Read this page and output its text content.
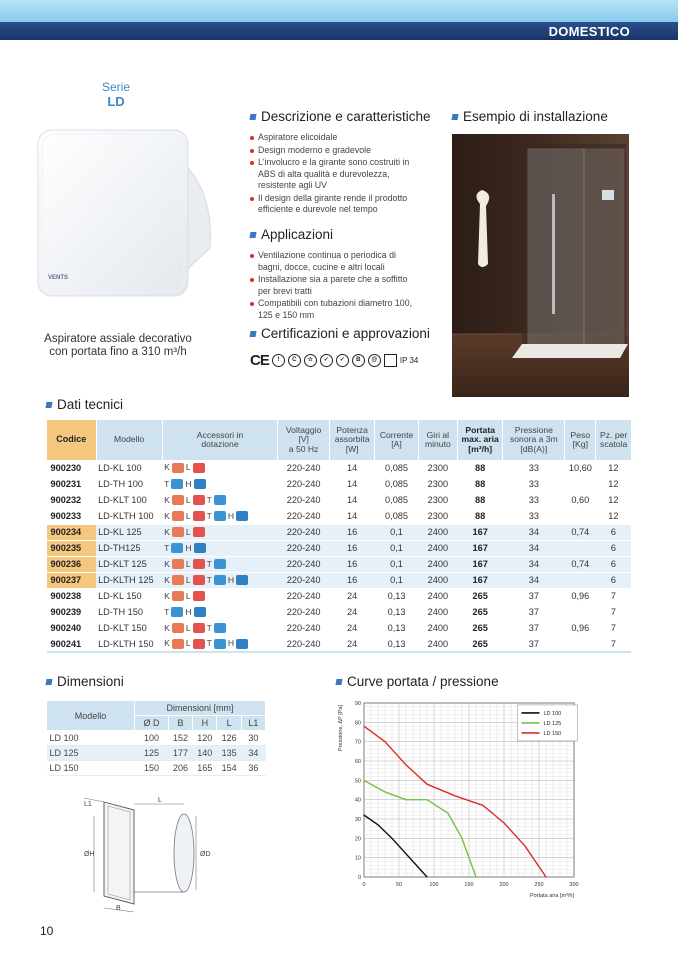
DOMESTICO
Serie
LD
VENTS
Aspiratore assiale decorativo
con portata fino a 310 m³/h
Descrizione e caratteristiche
Aspiratore elicoidale
Design moderno e gradevole
L'involucro e la girante sono costruiti in ABS di alta qualità e durevolezza, resistente agli UV
Il design della girante rende il prodotto efficiente e durevole nel tempo
Applicazioni
Ventilazione continua o periodica di bagni, docce, cucine e altri locali
Installazione sia a parete che a soffitto per brevi tratti
Compatibili con tubazioni diametro 100, 125 e 150 mm
Certificazioni e approvazioni
CE	!	C	☆	✓	✓	B	@	IP 34
Esempio di installazione
Dati tecnici
Codice	Modello	Accessori in
dotazione	Voltaggio
[V]
a 50 Hz	Potenza
assorbita
[W]	Corrente
[A]	Giri al
minuto	Portata
max. aria
[m³/h]	Pressione
sonora a 3m
[dB(A)]	Peso
[Kg]	Pz. per
scatola
900230	LD-KL 100	K L	220-240	14	0,085	2300	88	33	10,60	12
900231	LD-TH 100	T H	220-240	14	0,085	2300	88	33		12
900232	LD-KLT 100	K L T	220-240	14	0,085	2300	88	33	0,60	12
900233	LD-KLTH 100	K L T H	220-240	14	0,085	2300	88	33		12
900234	LD-KL 125	K L	220-240	16	0,1	2400	167	34	0,74	6
900235	LD-TH125	T H	220-240	16	0,1	2400	167	34		6
900236	LD-KLT 125	K L T	220-240	16	0,1	2400	167	34	0,74	6
900237	LD-KLTH 125	K L T H	220-240	16	0,1	2400	167	34		6
900238	LD-KL 150	K L	220-240	24	0,13	2400	265	37	0,96	7
900239	LD-TH 150	T H	220-240	24	0,13	2400	265	37		7
900240	LD-KLT 150	K L T	220-240	24	0,13	2400	265	37	0,96	7
900241	LD-KLTH 150	K L T H	220-240	24	0,13	2400	265	37		7
Dimensioni
Modello	Dimensioni [mm]				
	Ø D	B	H	L	L1
LD 100	100	152	120	126	30
LD 125	125	177	140	135	34
LD 150	150	206	165	154	36
L1
L
ØH	ØD
B
Curve portata / pressione
0	50	100	150	200	250	300
0
10
20
30
40
50
60
70
80
90
Portata aria [m³/h]
Pressione, ΔP [Pa]	LD 100
LD 125
LD 150
10
